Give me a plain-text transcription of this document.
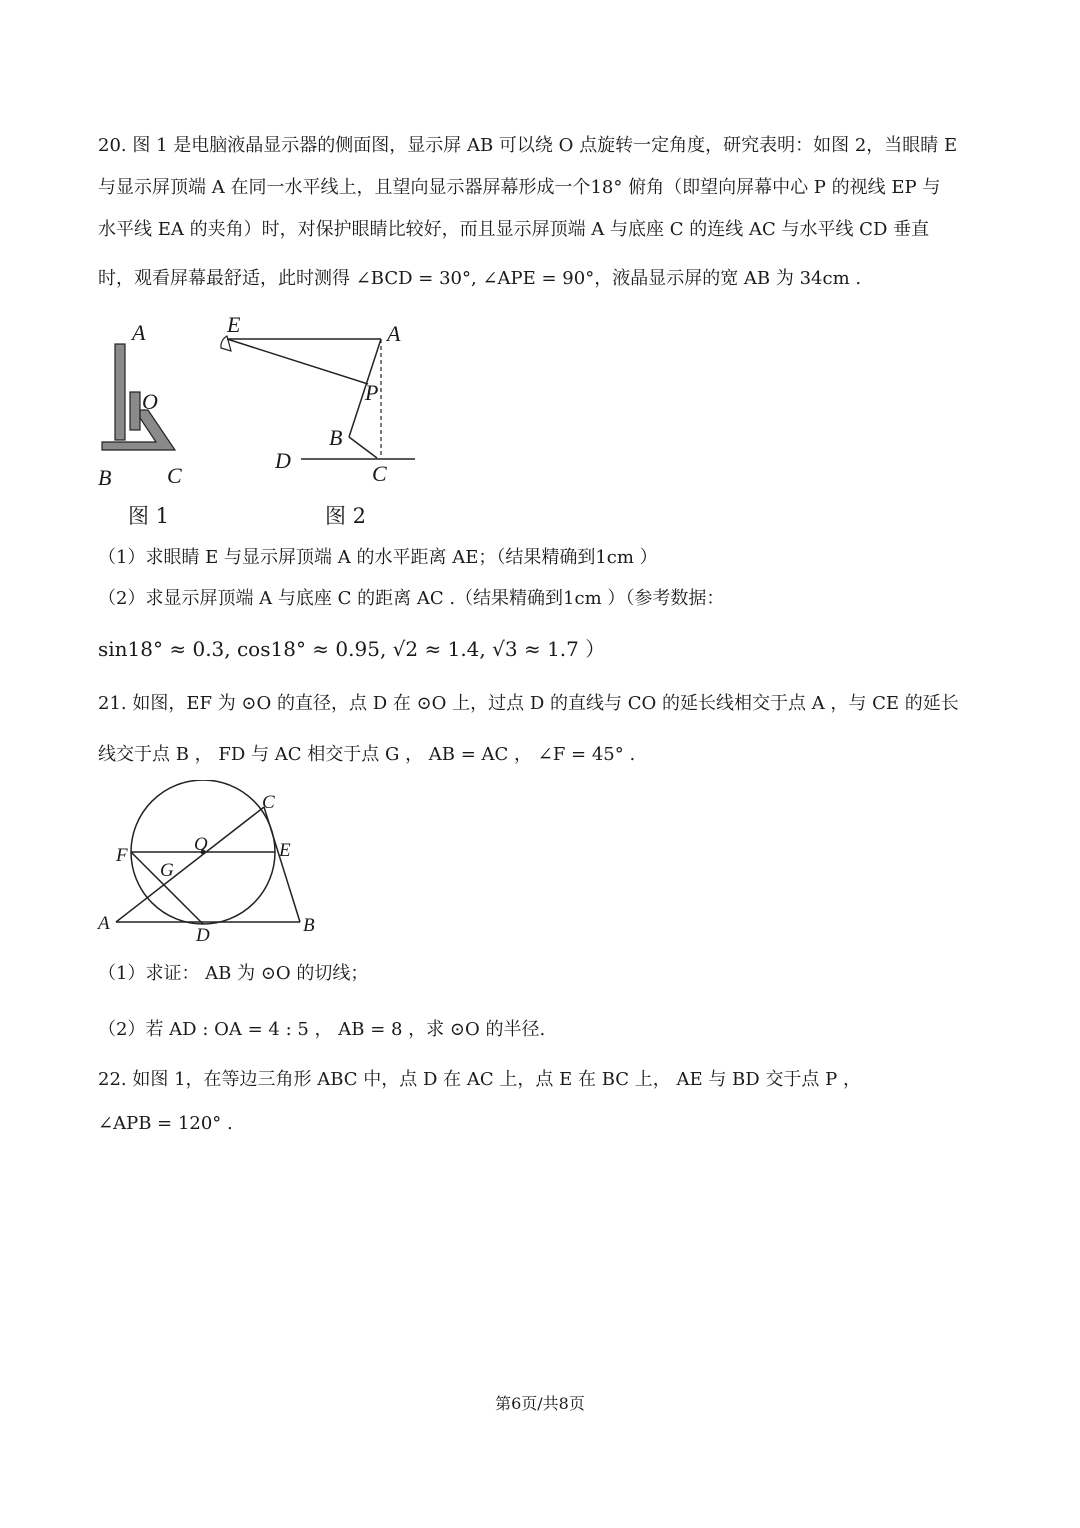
20. 图 1 是电脑液晶显示器的侧面图，显示屏 AB 可以绕 O 点旋转一定角度，研究表明：如图 2，当眼睛 E
与显示屏顶端 A 在同一水平线上，且望向显示器屏幕形成一个18° 俯角（即望向屏幕中心 P 的视线 EP 与
水平线 EA 的夹角）时，对保护眼睛比较好，而且显示屏顶端 A 与底座 C 的连线 AC 与水平线 CD 垂直
时，观看屏幕最舒适，此时测得 ∠BCD = 30°, ∠APE = 90°，液晶显示屏的宽 AB 为 34cm .
A
O
B	C
图 1
E	A
P
B
D
C
图 2
（1）求眼睛 E 与显示屏顶端 A 的水平距离 AE；（结果精确到1cm ）
（2）求显示屏顶端 A 与底座 C 的距离 AC .（结果精确到1cm ）（参考数据：
sin18° ≈ 0.3, cos18° ≈ 0.95, √2 ≈ 1.4, √3 ≈ 1.7 ）
21. 如图，EF 为 ⊙O 的直径，点 D 在 ⊙O 上，过点 D 的直线与 CO 的延长线相交于点 A ，与 CE 的延长
线交于点 B ， FD 与 AC 相交于点 G ， AB = AC ， ∠F = 45° .
C
O
F	E
G
A
D	B
（1）求证： AB 为 ⊙O 的切线；
（2）若 AD : OA = 4 : 5 ， AB = 8 ，求 ⊙O 的半径.
22. 如图 1，在等边三角形 ABC 中，点 D 在 AC 上，点 E 在 BC 上， AE 与 BD 交于点 P ，
∠APB = 120° .
第6页/共8页
